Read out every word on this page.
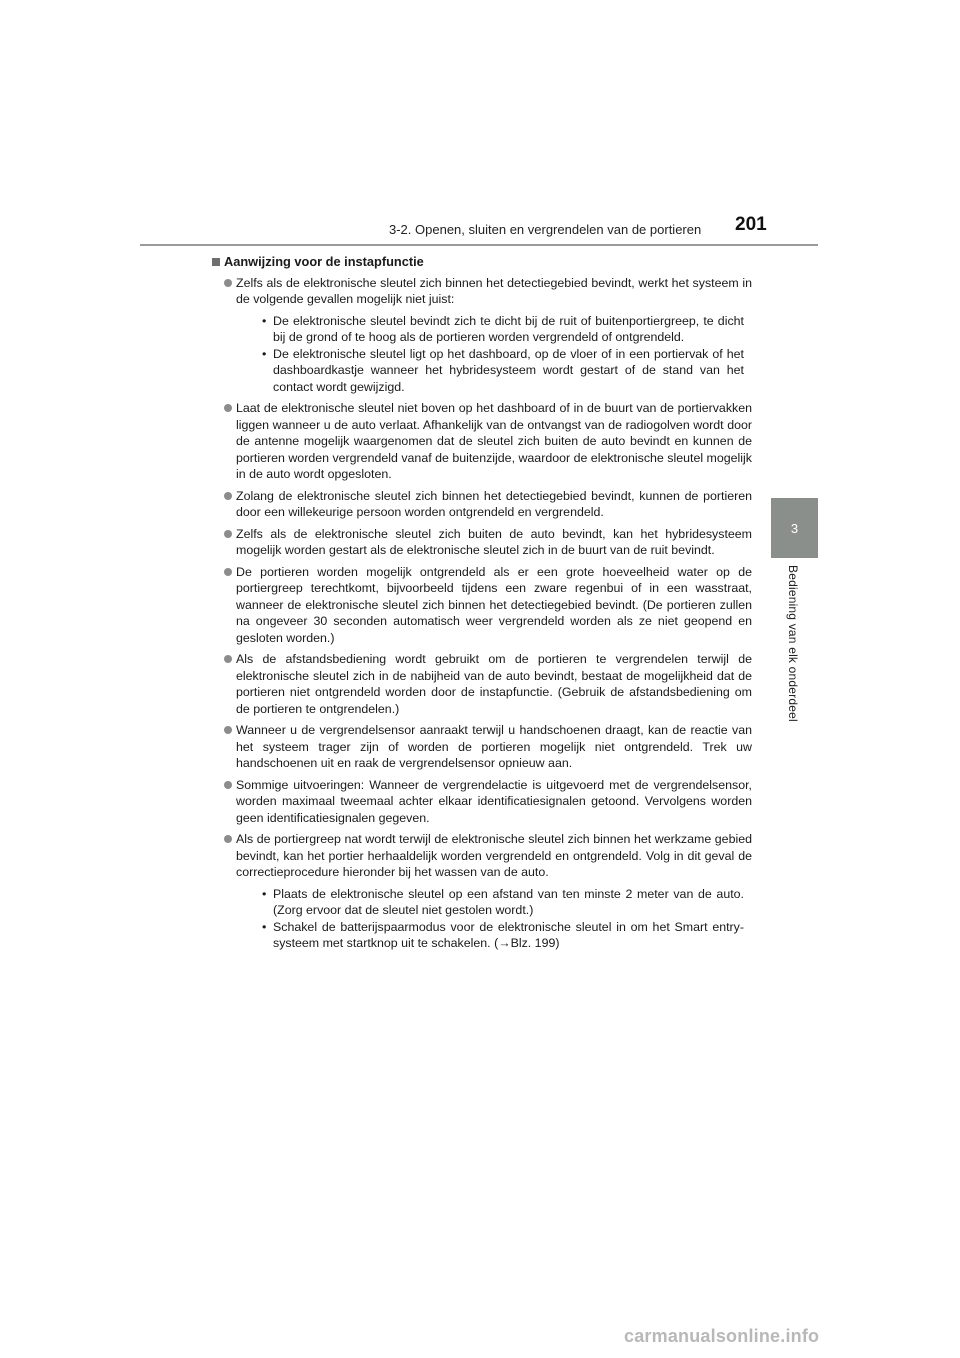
3-2. Openen, sluiten en vergrendelen van de portieren 201
3
Bediening van elk onderdeel
Aanwijzing voor de instapfunctie
Zelfs als de elektronische sleutel zich binnen het detectiegebied bevindt, werkt het systeem in de volgende gevallen mogelijk niet juist:
• De elektronische sleutel bevindt zich te dicht bij de ruit of buitenportiergreep, te dicht bij de grond of te hoog als de portieren worden vergrendeld of ontgrendeld.
• De elektronische sleutel ligt op het dashboard, op de vloer of in een portiervak of het dashboardkastje wanneer het hybridesysteem wordt gestart of de stand van het contact wordt gewijzigd.
Laat de elektronische sleutel niet boven op het dashboard of in de buurt van de portiervakken liggen wanneer u de auto verlaat. Afhankelijk van de ontvangst van de radiogolven wordt door de antenne mogelijk waargenomen dat de sleutel zich buiten de auto bevindt en kunnen de portieren worden vergrendeld vanaf de buitenzijde, waardoor de elektronische sleutel mogelijk in de auto wordt opgesloten.
Zolang de elektronische sleutel zich binnen het detectiegebied bevindt, kunnen de portieren door een willekeurige persoon worden ontgrendeld en vergrendeld.
Zelfs als de elektronische sleutel zich buiten de auto bevindt, kan het hybridesysteem mogelijk worden gestart als de elektronische sleutel zich in de buurt van de ruit bevindt.
De portieren worden mogelijk ontgrendeld als er een grote hoeveelheid water op de portiergreep terechtkomt, bijvoorbeeld tijdens een zware regenbui of in een wasstraat, wanneer de elektronische sleutel zich binnen het detectiegebied bevindt. (De portieren zullen na ongeveer 30 seconden automatisch weer vergrendeld worden als ze niet geopend en gesloten worden.)
Als de afstandsbediening wordt gebruikt om de portieren te vergrendelen terwijl de elektronische sleutel zich in de nabijheid van de auto bevindt, bestaat de mogelijkheid dat de portieren niet ontgrendeld worden door de instapfunctie. (Gebruik de afstandsbediening om de portieren te ontgrendelen.)
Wanneer u de vergrendelsensor aanraakt terwijl u handschoenen draagt, kan de reactie van het systeem trager zijn of worden de portieren mogelijk niet ontgrendeld. Trek uw handschoenen uit en raak de vergrendelsensor opnieuw aan.
Sommige uitvoeringen: Wanneer de vergrendelactie is uitgevoerd met de vergrendelsensor, worden maximaal tweemaal achter elkaar identificatiesignalen getoond. Vervolgens worden geen identificatiesignalen gegeven.
Als de portiergreep nat wordt terwijl de elektronische sleutel zich binnen het werkzame gebied bevindt, kan het portier herhaaldelijk worden vergrendeld en ontgrendeld. Volg in dit geval de correctieprocedure hieronder bij het wassen van de auto.
• Plaats de elektronische sleutel op een afstand van ten minste 2 meter van de auto. (Zorg ervoor dat de sleutel niet gestolen wordt.)
• Schakel de batterijspaarmodus voor de elektronische sleutel in om het Smart entry-systeem met startknop uit te schakelen. (→Blz. 199)
carmanualsonline.info
